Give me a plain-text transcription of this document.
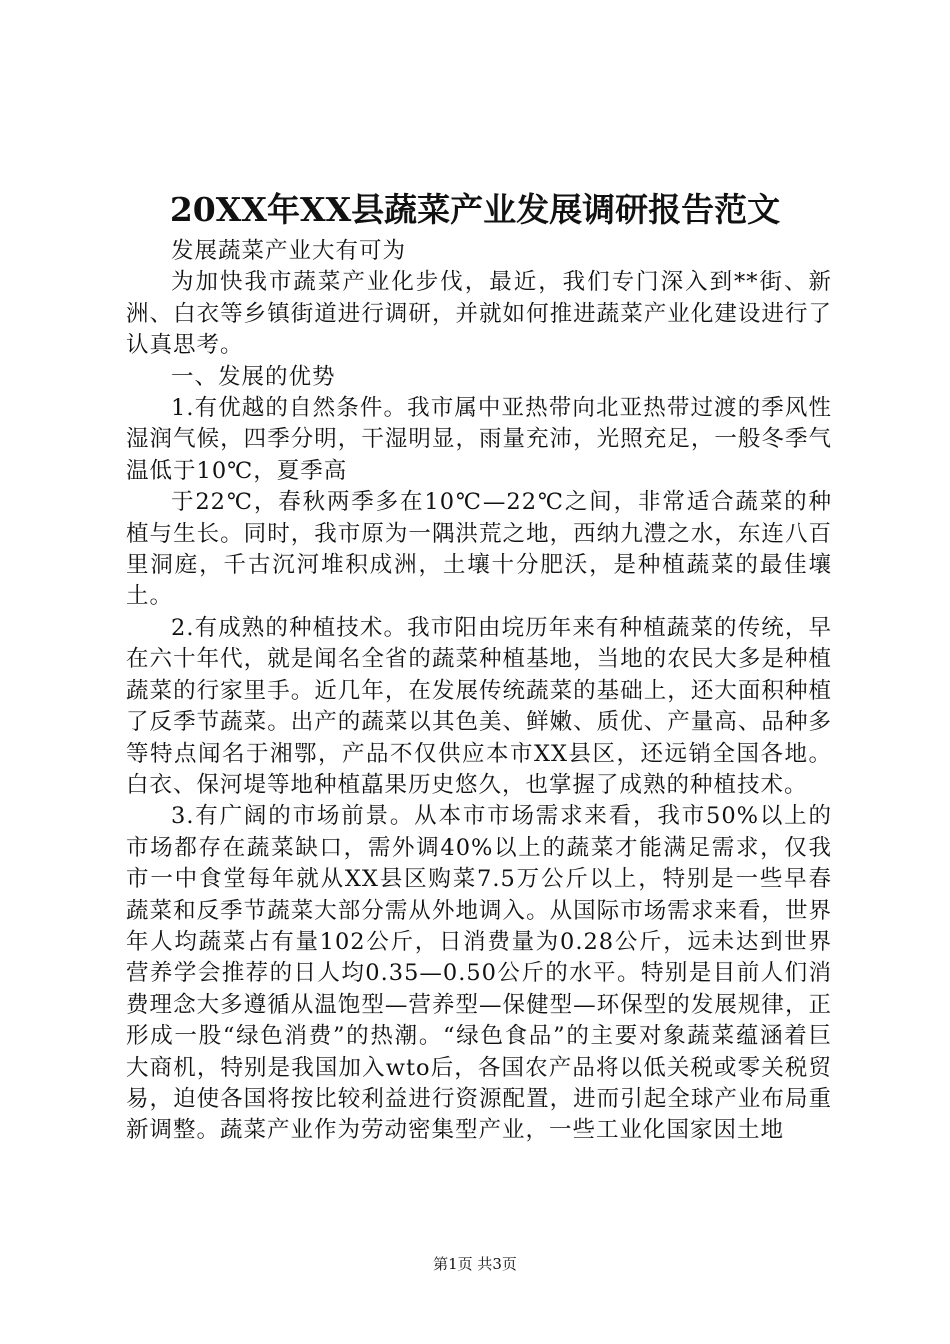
20XX年XX县蔬菜产业发展调研报告范文

发展蔬菜产业大有可为

为加快我市蔬菜产业化步伐，最近，我们专门深入到**街、新洲、白衣等乡镇街道进行调研，并就如何推进蔬菜产业化建设进行了认真思考。

一、发展的优势

1.有优越的自然条件。我市属中亚热带向北亚热带过渡的季风性湿润气候，四季分明，干湿明显，雨量充沛，光照充足，一般冬季气温低于10℃，夏季高

于22℃，春秋两季多在10℃—22℃之间，非常适合蔬菜的种植与生长。同时，我市原为一隅洪荒之地，西纳九澧之水，东连八百里洞庭，千古沉河堆积成洲，土壤十分肥沃，是种植蔬菜的最佳壤土。

2.有成熟的种植技术。我市阳由垸历年来有种植蔬菜的传统，早在六十年代，就是闻名全省的蔬菜种植基地，当地的农民大多是种植蔬菜的行家里手。近几年，在发展传统蔬菜的基础上，还大面积种植了反季节蔬菜。出产的蔬菜以其色美、鲜嫩、质优、产量高、品种多等特点闻名于湘鄂，产品不仅供应本市XX县区，还远销全国各地。白衣、保河堤等地种植藠果历史悠久，也掌握了成熟的种植技术。

3.有广阔的市场前景。从本市市场需求来看，我市50%以上的市场都存在蔬菜缺口，需外调40%以上的蔬菜才能满足需求，仅我市一中食堂每年就从XX县区购菜7.5万公斤以上，特别是一些早春蔬菜和反季节蔬菜大部分需从外地调入。从国际市场需求来看，世界年人均蔬菜占有量102公斤，日消费量为0.28公斤，远未达到世界营养学会推荐的日人均0.35—0.50公斤的水平。特别是目前人们消费理念大多遵循从温饱型—营养型—保健型—环保型的发展规律，正形成一股“绿色消费”的热潮。“绿色食品”的主要对象蔬菜蕴涵着巨大商机，特别是我国加入wto后，各国农产品将以低关税或零关税贸易，迫使各国将按比较利益进行资源配置，进而引起全球产业布局重新调整。蔬菜产业作为劳动密集型产业，一些工业化国家因土地

第1页 共3页
